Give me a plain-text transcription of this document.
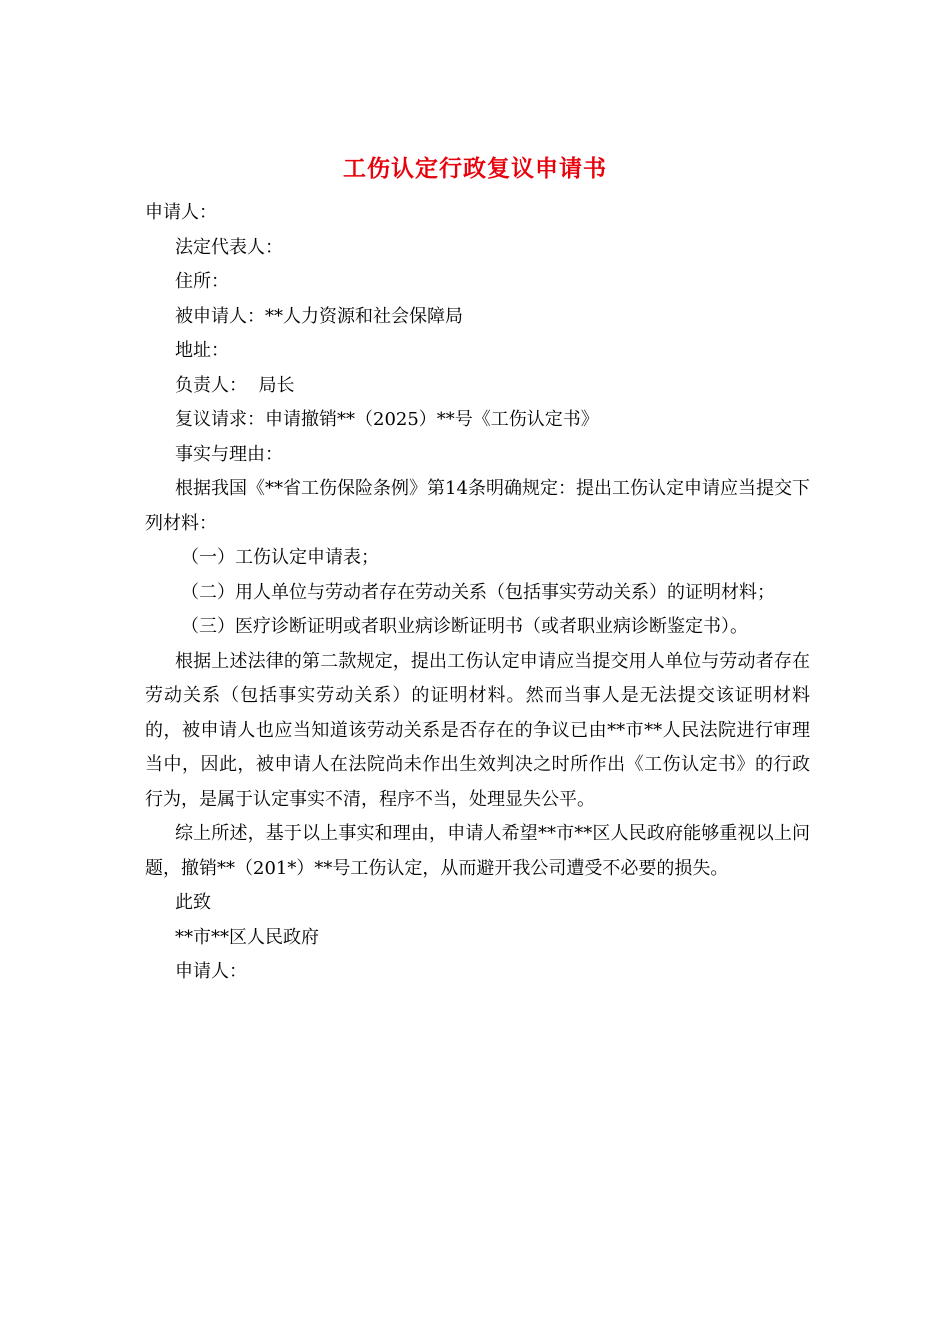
工伤认定行政复议申请书
申请人：
法定代表人：
住所：
被申请人：**人力资源和社会保障局
地址：
负责人：  局长
复议请求：申请撤销**（2025）**号《工伤认定书》
事实与理由：
根据我国《**省工伤保险条例》第14条明确规定：提出工伤认定申请应当提交下列材料：
（一）工伤认定申请表；
（二）用人单位与劳动者存在劳动关系（包括事实劳动关系）的证明材料；
（三）医疗诊断证明或者职业病诊断证明书（或者职业病诊断鉴定书）。
根据上述法律的第二款规定，提出工伤认定申请应当提交用人单位与劳动者存在劳动关系（包括事实劳动关系）的证明材料。然而当事人是无法提交该证明材料的，被申请人也应当知道该劳动关系是否存在的争议已由**市**人民法院进行审理当中，因此，被申请人在法院尚未作出生效判决之时所作出《工伤认定书》的行政行为，是属于认定事实不清，程序不当，处理显失公平。
综上所述，基于以上事实和理由，申请人希望**市**区人民政府能够重视以上问题，撤销**（201*）**号工伤认定，从而避开我公司遭受不必要的损失。
此致
**市**区人民政府
申请人：
